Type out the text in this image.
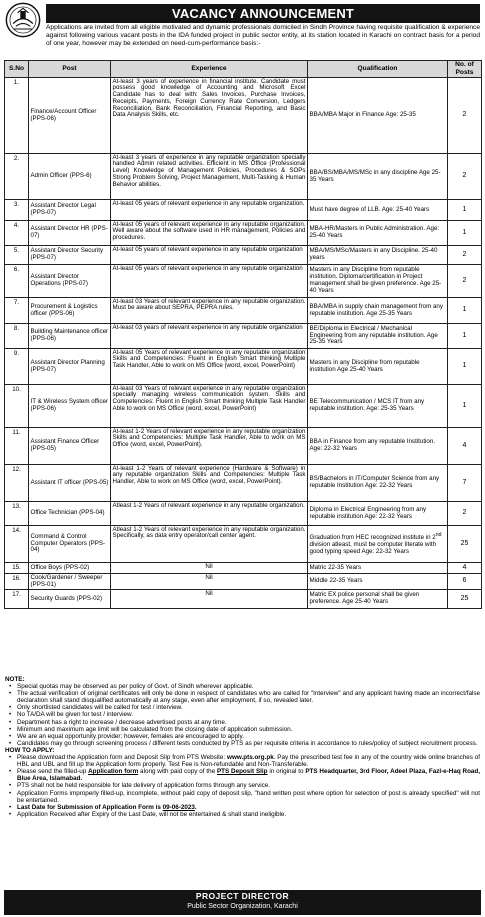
VACANCY ANNOUNCEMENT
Applications are invited from all eligible motivated and dynamic professionals domiciled in Sindh Province having requisite qualification & experience against following various vacant posts in the IDA funded project in public sector entity, at its station located in Karachi on contract basis for a period of one year, however may be extended on need-cum-performance basis:-
S.No	Post	Experience	Qualification	No. of Posts
1.	Finance/Account Officer (PPS-06)	At-least 3 years of experience in financial institute. Candidate must possess good knowledge of Accounting and Microsoft Excel Candidate has to deal with: Sales Invoices, Purchase Invoices, Receipts, Payments, Foreign Currency Rate Conversion, Ledgers Reconciliation, Bank Reconciliation, Financial Reporting, and Basic Data Analysis Skills, etc.	BBA/MBA Major in Finance Age: 25-35	2
2.	Admin Officer (PPS-6)	At-least 3 years of experience in any reputable organization specially handled Admin related activities. Efficient in MS Office (Professional Level) Knowledge of Management Policies, Procedures & SOPs Strong Problem Solving, Project Management, Multi-Tasking & Human Behavior abilities.	BBA/BS/MBA/MS/MSc in any discipline Age 25-35 Years	2
3.	Assistant Director Legal (PPS-07)	At-least 05 years of relevant experience in any reputable organization.	Must have degree of LLB. Age: 25-40 Years	1
4.	Assistant Director HR (PPS-07)	At-least 05 years of relevant experience in any reputable organization. Well aware about the software used in HR management, Policies and procedures.	MBA-HR/Masters in Public Administration. Age: 25-40 Years	1
5.	Assistant Director Security (PPS-07)	At-least 05 years of relevant experience in any reputable organization	MBA/MS/MSc/Masters in any Discipline. 25-40 years	2
6.	Assistant Director Operations (PPS-07)	At-least 05 years of relevant experience in any reputable organization	Masters in any Discipline from reputable institution. Diploma/certification in Project management shall be given preference. Age 25-40 Years	2
7.	Procurement & Logistics officer (PPS-06)	At-least 03 Years of relevant experience in any reputable organization. Must be aware about SEPRA, PEPRA rules.	BBA/MBA in supply chain management from any reputable institution. Age 25-35 Years	1
8.	Building Maintenance officer (PPS-06)	At-least 03 years of relevant experience in any reputable organization	BE/Diploma in Electrical / Mechanical Engineering from any reputable institution. Age 25-35 Years	1
9.	Assistant Director Planning (PPS-07)	At-least 05 Years of relevant experience in any reputable organization Skills and Competencies: Fluent in English Smart thinking Multiple Task Handler, Able to work on MS Office (word, excel, PowerPoint)	Masters in any Discipline from reputable institution Age 25-40 Years	1
10.	IT & Wireless System officer (PPS-06)	At-least 03 Years of relevant experience in any reputable organization specially managing wireless communication system. Skills and Competencies: Fluent in English Smart thinking Multiple Task Handler Able to work on MS Office (word, excel, PowerPoint)	BE Telecommunication / MCS IT from any reputable institution. Age: 25-35 Years	1
11.	Assistant Finance Officer (PPS-05)	At-least 1-2 Years of relevant experience in any reputable organization Skills and Competencies: Multiple Task Handler, Able to work on MS Office (word, excel, PowerPoint).	BBA in Finance from any reputable Institution. Age: 22-32 Years	4
12.	Assistant IT officer (PPS-05)	At-least 1-2 Years of relevant experience (Hardware & Software) in any reputable organization Skills and Competencies: Multiple Task Handler, Able to work on MS Office (word, excel, PowerPoint).	BS/Bachelors in IT/Computer Science from any reputable Institution Age: 22-32 Years	7
13.	Office Technician (PPS-04)	Atleast 1-2 Years of relevant experience in any reputable organization.	Diploma in Electrical Engineering from any reputable institution Age: 22-32 Years	2
14.	Command & Control Computer Operators (PPS-04)	Atleast 1-2 Years of relevant experience in any reputable organization. Specifically, as data entry operator/call center agent.	Graduation from HEC recognized institute in 2nd division atleast, must be computer literate with good typing speed Age: 22-32 Years	25
15.	Office Boys (PPS-02)	Nil	Matric 22-35 Years	4
16.	Cook/Gardener / Sweeper (PPS-01)	Nil	Middle 22-35 Years	6
17.	Security Guards (PPS-02)	Nil	Matric EX police personal shall be given preference. Age 25-40 Years	25
NOTE:
• Special quotas may be observed as per policy of Govt. of Sindh wherever applicable.
• The actual verification of original certificates will only be done in respect of candidates who are called for "Interview" and any applicant having made an incorrect/false declaration shall stand disqualified automatically at any stage, even after employment, if so, revealed later.
• Only shortlisted candidates will be called for test / interview.
• No TA/DA will be given for test / interview.
• Department has a right to increase / decrease advertised posts at any time.
• Minimum and maximum age limit will be calculated from the closing date of application submission.
• We are an equal opportunity provider; however, females are encouraged to apply.
• Candidates may go through screening process / different tests conducted by PTS as per requisite criteria in accordance to rules/policy of subject recruitment process.
HOW TO APPLY:
• Please download the Application form and Deposit Slip from PTS Website: www.pts.org.pk. Pay the prescribed test fee in any of the country wide online branches of HBL and UBL and fill up the Application form properly. Test Fee is Non-refundable and Non-Transferable.
• Please send the filled-up Application form along with paid copy of the PTS Deposit Slip in original to PTS Headquarter, 3rd Floor, Adeel Plaza, Fazl-e-Haq Road, Blue Area, Islamabad.
• PTS shall not be held responsible for late delivery of application forms through any service.
• Application Forms improperly filled-up, incomplete, without paid copy of deposit slip, "hand written post where option for selection of post is already specified" will not be entertained.
• Last Date for Submission of Application Form is 09-06-2023.
• Application Received after Expiry of the Last Date, will not be entertained & shall stand ineligible.
PROJECT DIRECTOR
Public Sector Organization, Karachi
